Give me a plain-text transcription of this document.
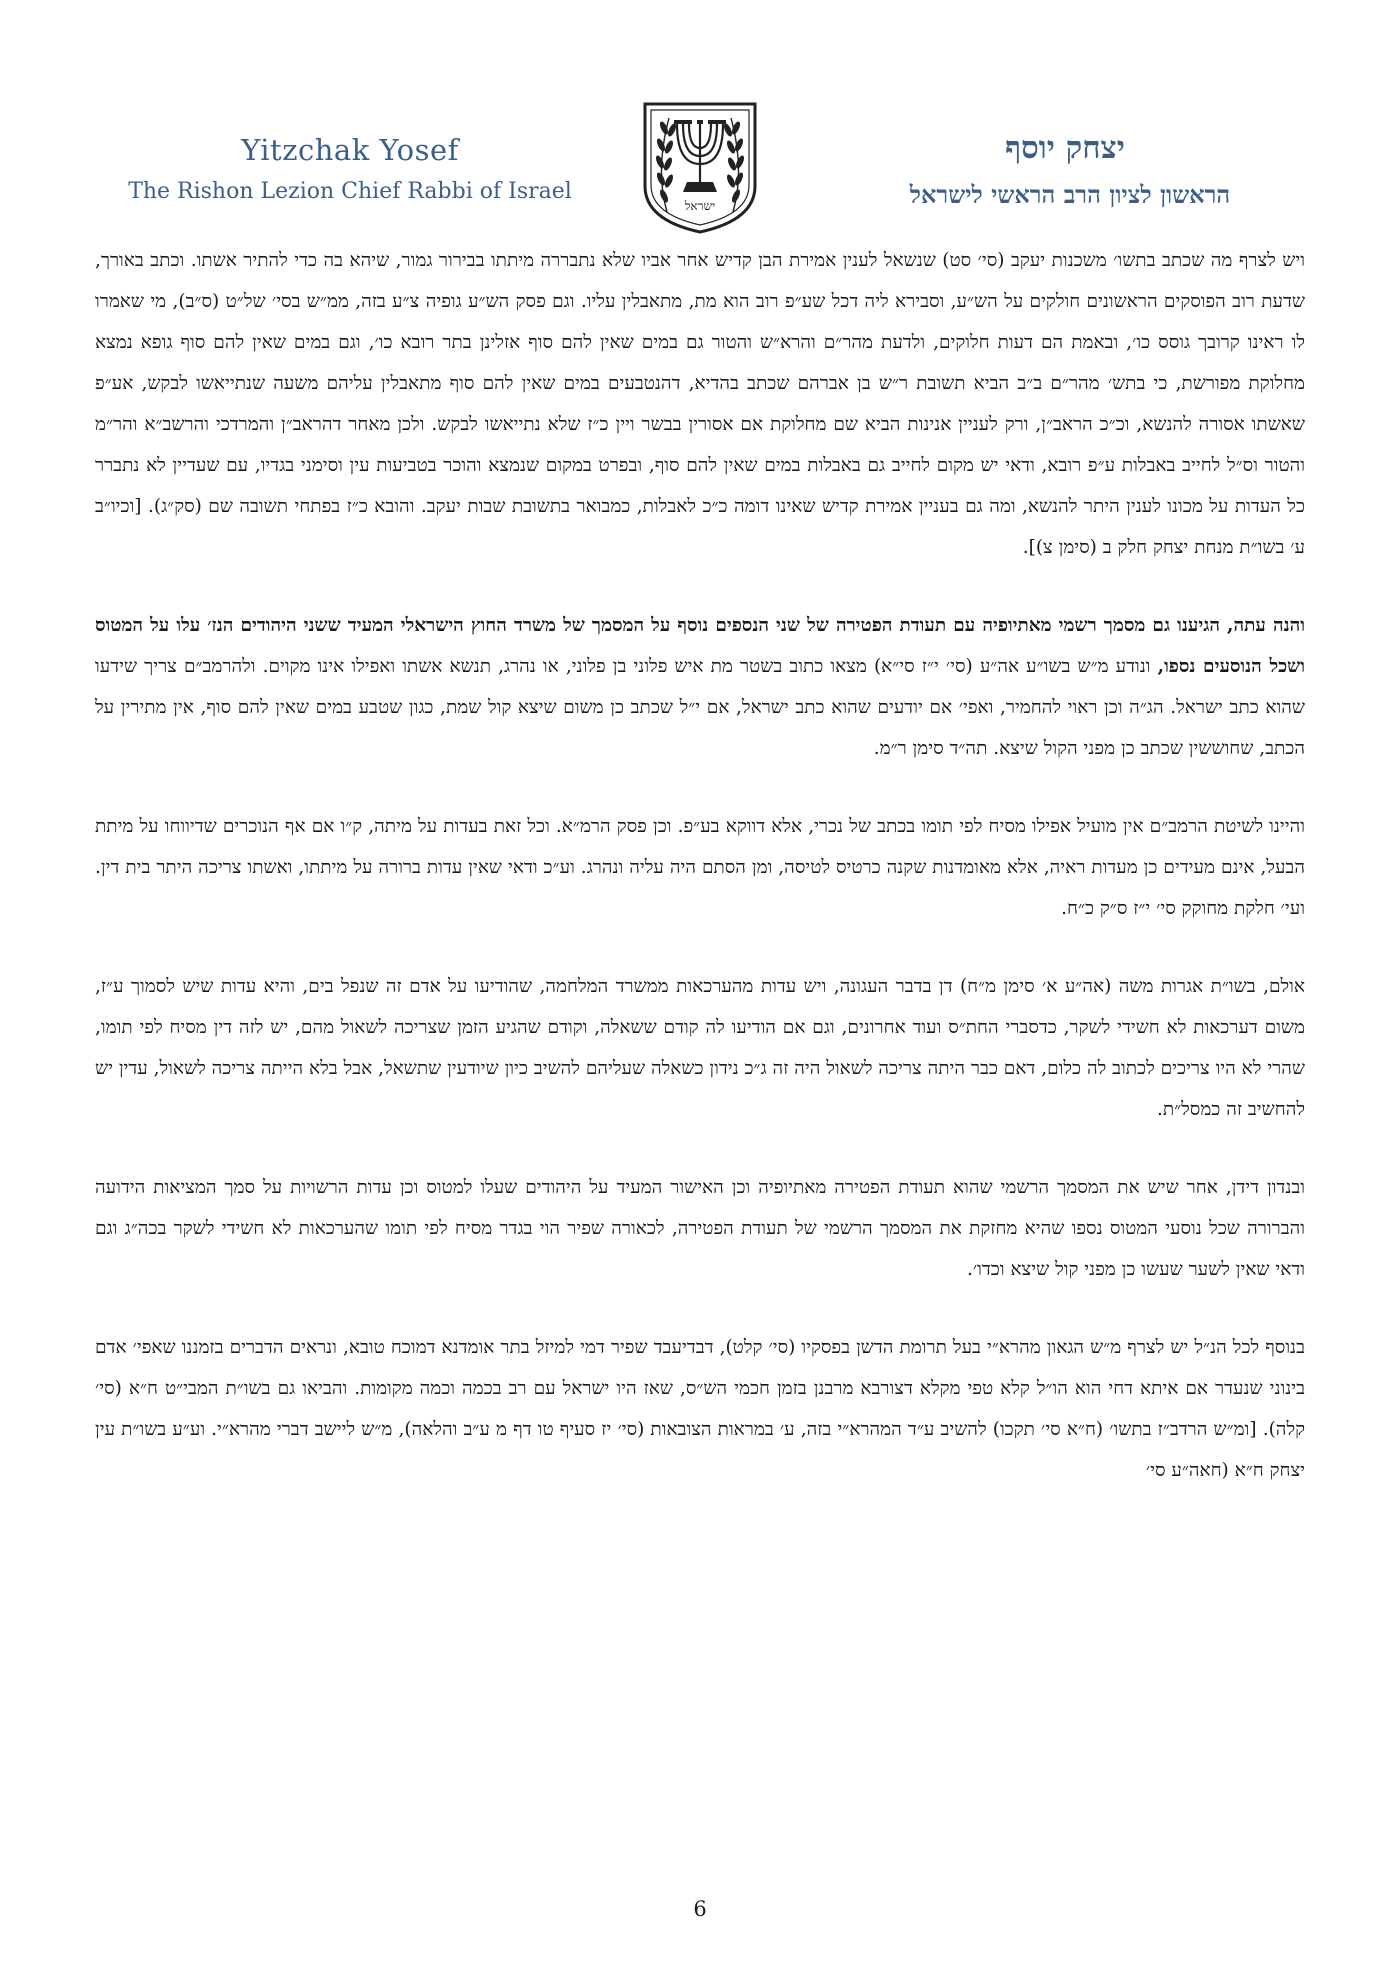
Yitzchak Yosef
The Rishon Lezion Chief Rabbi of Israel
ישראל
יצחק יוסף
הראשון לציון הרב הראשי לישראל

ויש לצרף מה שכתב בתשו׳ משכנות יעקב (סי׳ סט) שנשאל לענין אמירת הבן קדיש אחר אביו שלא נתבררה מיתתו בבירור גמור, שיהא בה כדי להתיר אשתו. וכתב באורך, שדעת רוב הפוסקים הראשונים חולקים על הש״ע, וסבירא ליה דכל שע״פ רוב הוא מת, מתאבלין עליו. וגם פסק הש״ע גופיה צ״ע בזה, ממ״ש בסי׳ של״ט (ס״ב), מי שאמרו לו ראינו קרובך גוסס כו׳, ובאמת הם דעות חלוקים, ולדעת מהר״ם והרא״ש והטור גם במים שאין להם סוף אזלינן בתר רובא כו׳, וגם במים שאין להם סוף גופא נמצא מחלוקת מפורשת, כי בתש׳ מהר״ם ב״ב הביא תשובת ר״ש בן אברהם שכתב בהדיא, דהנטבעים במים שאין להם סוף מתאבלין עליהם משעה שנתייאשו לבקש, אע״פ שאשתו אסורה להנשא, וכ״כ הראב״ן, ורק לעניין אנינות הביא שם מחלוקת אם אסורין בבשר ויין כ״ז שלא נתייאשו לבקש. ולכן מאחר דהראב״ן והמרדכי והרשב״א והר״מ והטור וס״ל לחייב באבלות ע״פ רובא, ודאי יש מקום לחייב גם באבלות במים שאין להם סוף, ובפרט במקום שנמצא והוכר בטביעות עין וסימני בגדיו, עם שעדיין לא נתברר כל העדות על מכונו לענין היתר להנשא, ומה גם בעניין אמירת קדיש שאינו דומה כ״כ לאבלות, כמבואר בתשובת שבות יעקב. והובא כ״ז בפתחי תשובה שם (סק״ג). [וכיו״ב ע׳ בשו״ת מנחת יצחק חלק ב (סימן צ)].

והנה עתה, הגיענו גם מסמך רשמי מאתיופיה עם תעודת הפטירה של שני הנספים נוסף על המסמך של משרד החוץ הישראלי המעיד ששני היהודים הנז׳ עלו על המטוס ושכל הנוסעים נספו, ונודע מ״ש בשו״ע אה״ע (סי׳ י״ז סי״א) מצאו כתוב בשטר מת איש פלוני בן פלוני, או נהרג, תנשא אשתו ואפילו אינו מקוים. ולהרמב״ם צריך שידעו שהוא כתב ישראל. הג״ה וכן ראוי להחמיר, ואפי׳ אם יודעים שהוא כתב ישראל, אם י״ל שכתב כן משום שיצא קול שמת, כגון שטבע במים שאין להם סוף, אין מתירין על הכתב, שחוששין שכתב כן מפני הקול שיצא. תה״ד סימן ר״מ.

והיינו לשיטת הרמב״ם אין מועיל אפילו מסיח לפי תומו בכתב של נכרי, אלא דווקא בע״פ. וכן פסק הרמ״א. וכל זאת בעדות על מיתה, ק״ו אם אף הנוכרים שדיווחו על מיתת הבעל, אינם מעידים כן מעדות ראיה, אלא מאומדנות שקנה כרטיס לטיסה, ומן הסתם היה עליה ונהרג. וע״כ ודאי שאין עדות ברורה על מיתתו, ואשתו צריכה היתר בית דין. ועי׳ חלקת מחוקק סי׳ י״ז ס״ק כ״ח.

אולם, בשו״ת אגרות משה (אה״ע א׳ סימן מ״ח) דן בדבר העגונה, ויש עדות מהערכאות ממשרד המלחמה, שהודיעו על אדם זה שנפל בים, והיא עדות שיש לסמוך ע״ז, משום דערכאות לא חשידי לשקר, כדסברי החת״ס ועוד אחרונים, וגם אם הודיעו לה קודם ששאלה, וקודם שהגיע הזמן שצריכה לשאול מהם, יש לזה דין מסיח לפי תומו, שהרי לא היו צריכים לכתוב לה כלום, דאם כבר היתה צריכה לשאול היה זה ג״כ נידון כשאלה שעליהם להשיב כיון שיודעין שתשאל, אבל בלא הייתה צריכה לשאול, עדין יש להחשיב זה כמסל״ת.

ובנדון דידן, אחר שיש את המסמך הרשמי שהוא תעודת הפטירה מאתיופיה וכן האישור המעיד על היהודים שעלו למטוס וכן עדות הרשויות על סמך המציאות הידועה והברורה שכל נוסעי המטוס נספו שהיא מחזקת את המסמך הרשמי של תעודת הפטירה, לכאורה שפיר הוי בגדר מסיח לפי תומו שהערכאות לא חשידי לשקר בכה״ג וגם ודאי שאין לשער שעשו כן מפני קול שיצא וכדו׳.

בנוסף לכל הנ״ל יש לצרף מ״ש הגאון מהרא״י בעל תרומת הדשן בפסקיו (סי׳ קלט), דבדיעבד שפיר דמי למיזל בתר אומדנא דמוכח טובא, ונראים הדברים בזמננו שאפי׳ אדם בינוני שנעדר אם איתא דחי הוא הו״ל קלא טפי מקלא דצורבא מרבנן בזמן חכמי הש״ס, שאז היו ישראל עם רב בכמה וכמה מקומות. והביאו גם בשו״ת המבי״ט ח״א (סי׳ קלה). [ומ״ש הרדב״ז בתשו׳ (ח״א סי׳ תקכו) להשיב ע״ד המהרא״י בזה, ע׳ במראות הצובאות (סי׳ יז סעיף טו דף מ ע״ב והלאה), מ״ש ליישב דברי מהרא״י. וע״ע בשו״ת עין יצחק ח״א (חאה״ע סי׳

6
